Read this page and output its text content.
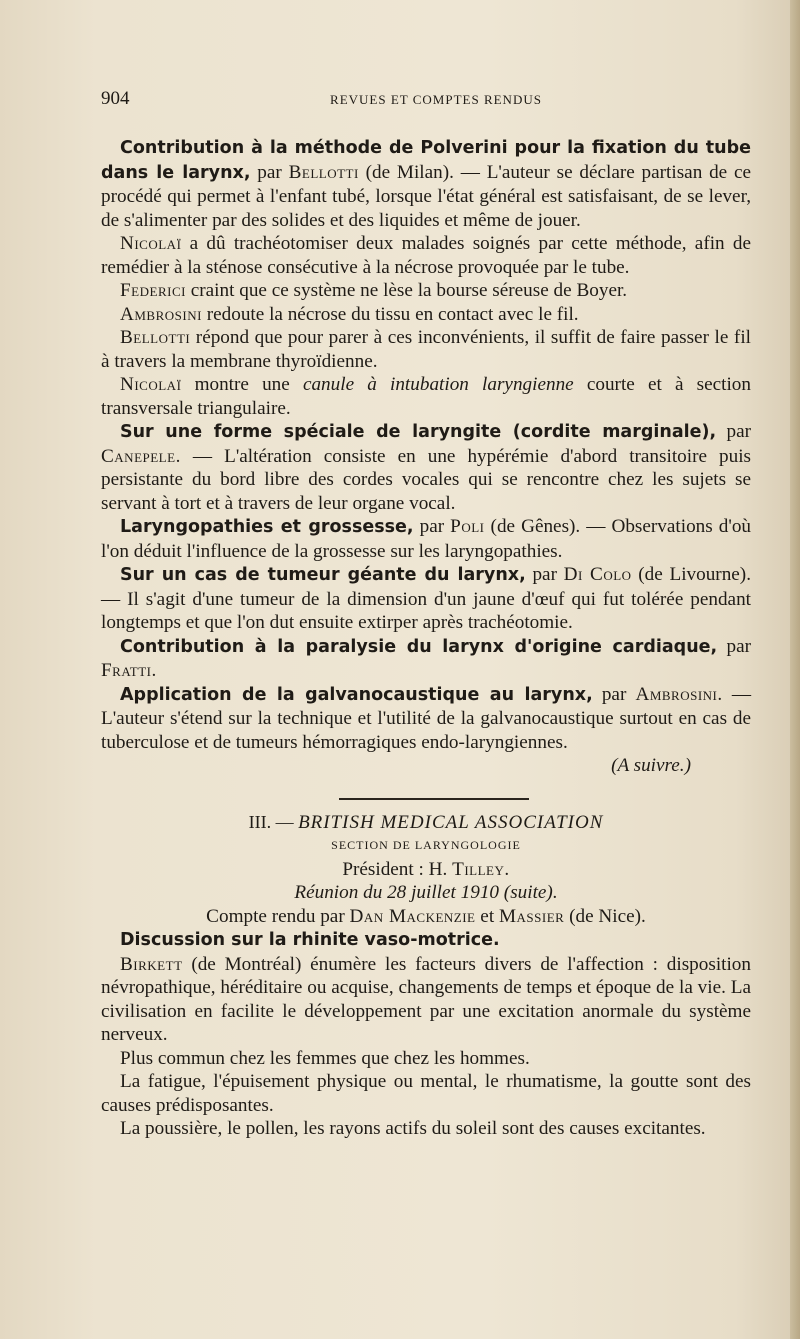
904	REVUES ET COMPTES RENDUS

Contribution à la méthode de Polverini pour la fixation du tube dans le larynx, par Bellotti (de Milan). — L'auteur se déclare partisan de ce procédé qui permet à l'enfant tubé, lorsque l'état général est satisfaisant, de se lever, de s'alimenter par des solides et des liquides et même de jouer.

Nicolaï a dû trachéotomiser deux malades soignés par cette méthode, afin de remédier à la sténose consécutive à la nécrose provoquée par le tube.

Federici craint que ce système ne lèse la bourse séreuse de Boyer.

Ambrosini redoute la nécrose du tissu en contact avec le fil.

Bellotti répond que pour parer à ces inconvénients, il suffit de faire passer le fil à travers la membrane thyroïdienne.

Nicolaï montre une canule à intubation laryngienne courte et à section transversale triangulaire.

Sur une forme spéciale de laryngite (cordite marginale), par Canepele. — L'altération consiste en une hypérémie d'abord transitoire puis persistante du bord libre des cordes vocales qui se rencontre chez les sujets se servant à tort et à travers de leur organe vocal.

Laryngopathies et grossesse, par Poli (de Gênes). — Observations d'où l'on déduit l'influence de la grossesse sur les laryngopathies.

Sur un cas de tumeur géante du larynx, par Di Colo (de Livourne). — Il s'agit d'une tumeur de la dimension d'un jaune d'œuf qui fut tolérée pendant longtemps et que l'on dut ensuite extirper après trachéotomie.

Contribution à la paralysie du larynx d'origine cardiaque, par Fratti.

Application de la galvanocaustique au larynx, par Ambrosini. — L'auteur s'étend sur la technique et l'utilité de la galvanocaustique surtout en cas de tuberculose et de tumeurs hémorragiques endo-laryngiennes.

(A suivre.)

III. — BRITISH MEDICAL ASSOCIATION

SECTION DE LARYNGOLOGIE

Président : H. Tilley.

Réunion du 28 juillet 1910 (suite).

Compte rendu par Dan Mackenzie et Massier (de Nice).

Discussion sur la rhinite vaso-motrice.

Birkett (de Montréal) énumère les facteurs divers de l'affection : disposition névropathique, héréditaire ou acquise, changements de temps et époque de la vie. La civilisation en facilite le développement par une excitation anormale du système nerveux.

Plus commun chez les femmes que chez les hommes.

La fatigue, l'épuisement physique ou mental, le rhumatisme, la goutte sont des causes prédisposantes.

La poussière, le pollen, les rayons actifs du soleil sont des causes excitantes.
